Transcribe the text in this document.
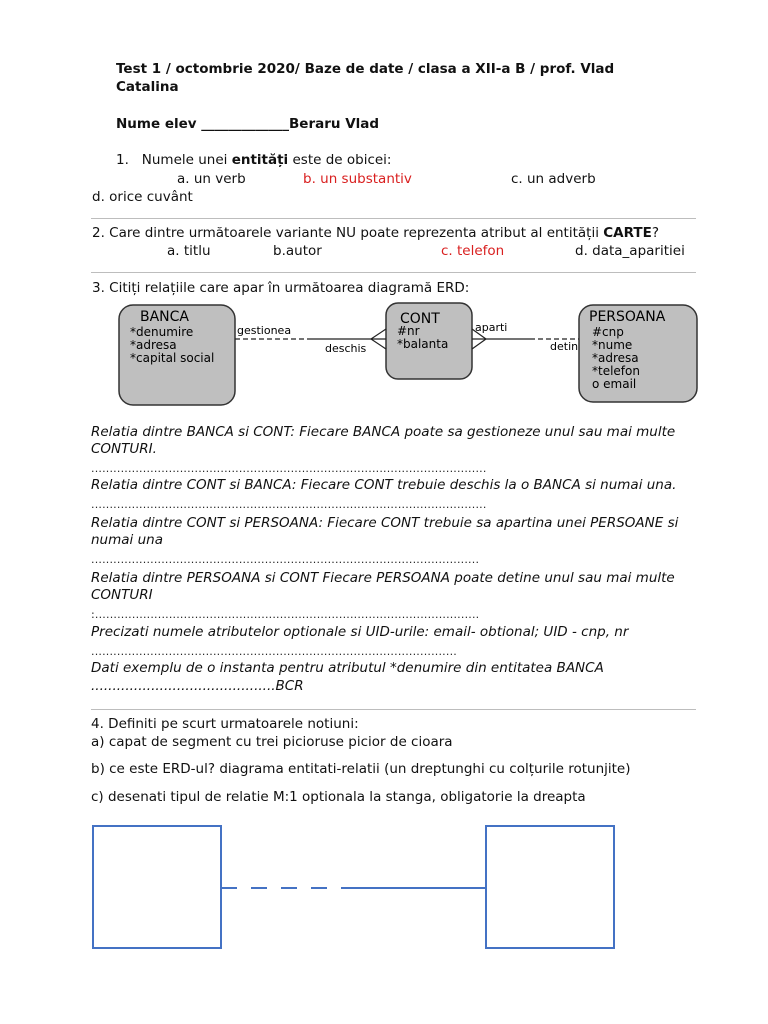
Test 1 / octombrie 2020/ Baze de date / clasa a XII-a B / prof. Vlad
Catalina
Nume elev _____________Beraru Vlad
1. Numele unei entități este de obicei:
a. un verb	b. un substantiv	c. un adverb
d. orice cuvânt
2. Care dintre următoarele variante NU poate reprezenta atribut al entității CARTE?
a. titlu	b.autor	c. telefon	d. data_aparitiei
3. Citiți relațiile care apar în următoarea diagramă ERD:
BANCA
*denumire
*adresa
*capital social
CONT
#nr
*balanta
PERSOANA
#cnp
*nume
*adresa
*telefon
o email
gestionea
deschis
aparti
detin
Relatia dintre BANCA si CONT: Fiecare BANCA poate sa gestioneze unul sau mai multe
CONTURI.
...........................................................................................................
Relatia dintre CONT si BANCA: Fiecare CONT trebuie deschis la o BANCA si numai una.
...........................................................................................................
Relatia dintre CONT si PERSOANA: Fiecare CONT trebuie sa apartina unei PERSOANE si
numai una
.........................................................................................................
Relatia dintre PERSOANA si CONT Fiecare PERSOANA poate detine unul sau mai multe
CONTURI
:........................................................................................................
Precizati numele atributelor optionale si UID-urile: email- obtional; UID - cnp, nr
...................................................................................................
Dati exemplu de o instanta pentru atributul *denumire din entitatea BANCA
...........................................BCR
4. Definiti pe scurt urmatoarele notiuni:
a) capat de segment cu trei picioruse picior de cioara
b) ce este ERD-ul? diagrama entitati-relatii (un dreptunghi cu colțurile rotunjite)
c) desenati tipul de relatie M:1 optionala la stanga, obligatorie la dreapta
